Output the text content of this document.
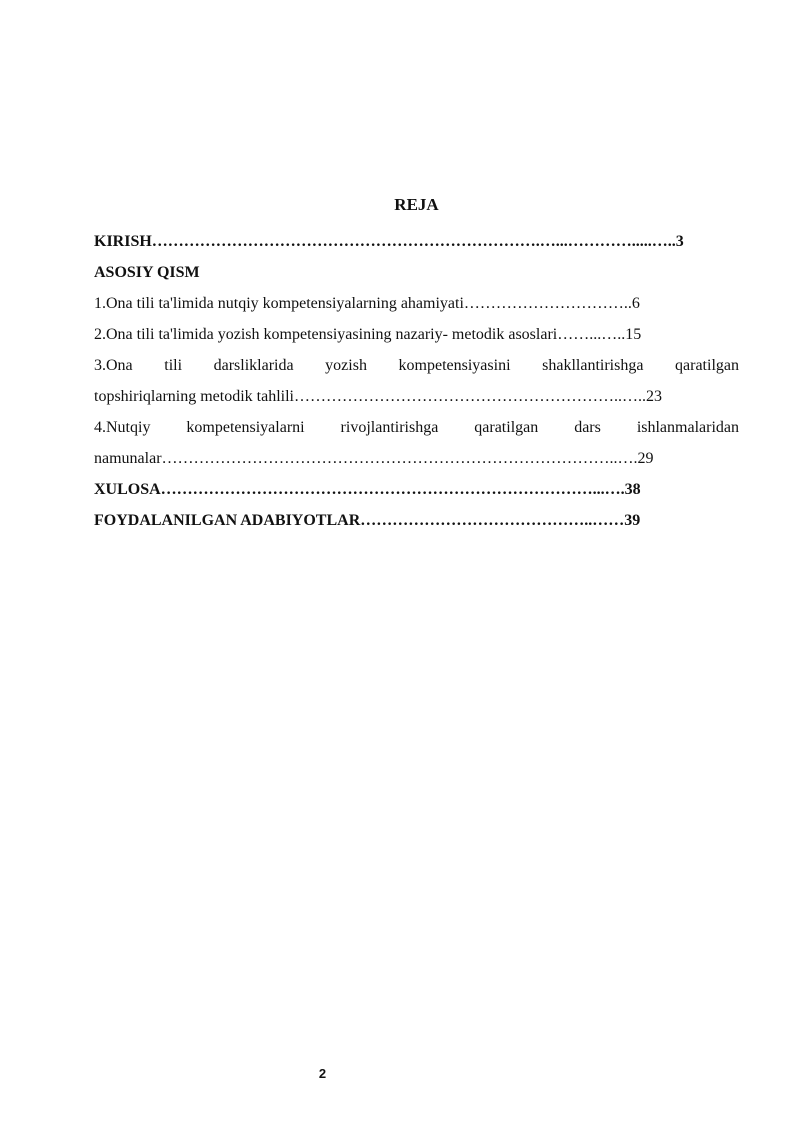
REJA
KIRISH……………………………………………………………….…...………….....…..3
ASOSIY QISM
1.Ona tili ta'limida nutqiy kompetensiyalarning ahamiyati…………………………..6
2.Ona tili ta'limida yozish kompetensiyasining nazariy- metodik asoslari……...…..15
3.Ona tili darsliklarida yozish kompetensiyasini shakllantirishga qaratilgan
topshiriqlarning metodik tahlili……………………………………………………..…..23
4.Nutqiy kompetensiyalarni rivojlantirishga qaratilgan dars ishlanmalaridan
namunalar…………………………………………………………………………..….29
XULOSA………………………………………………………………………...….38
FOYDALANILGAN ADABIYOTLAR……………………………………..……39
2
